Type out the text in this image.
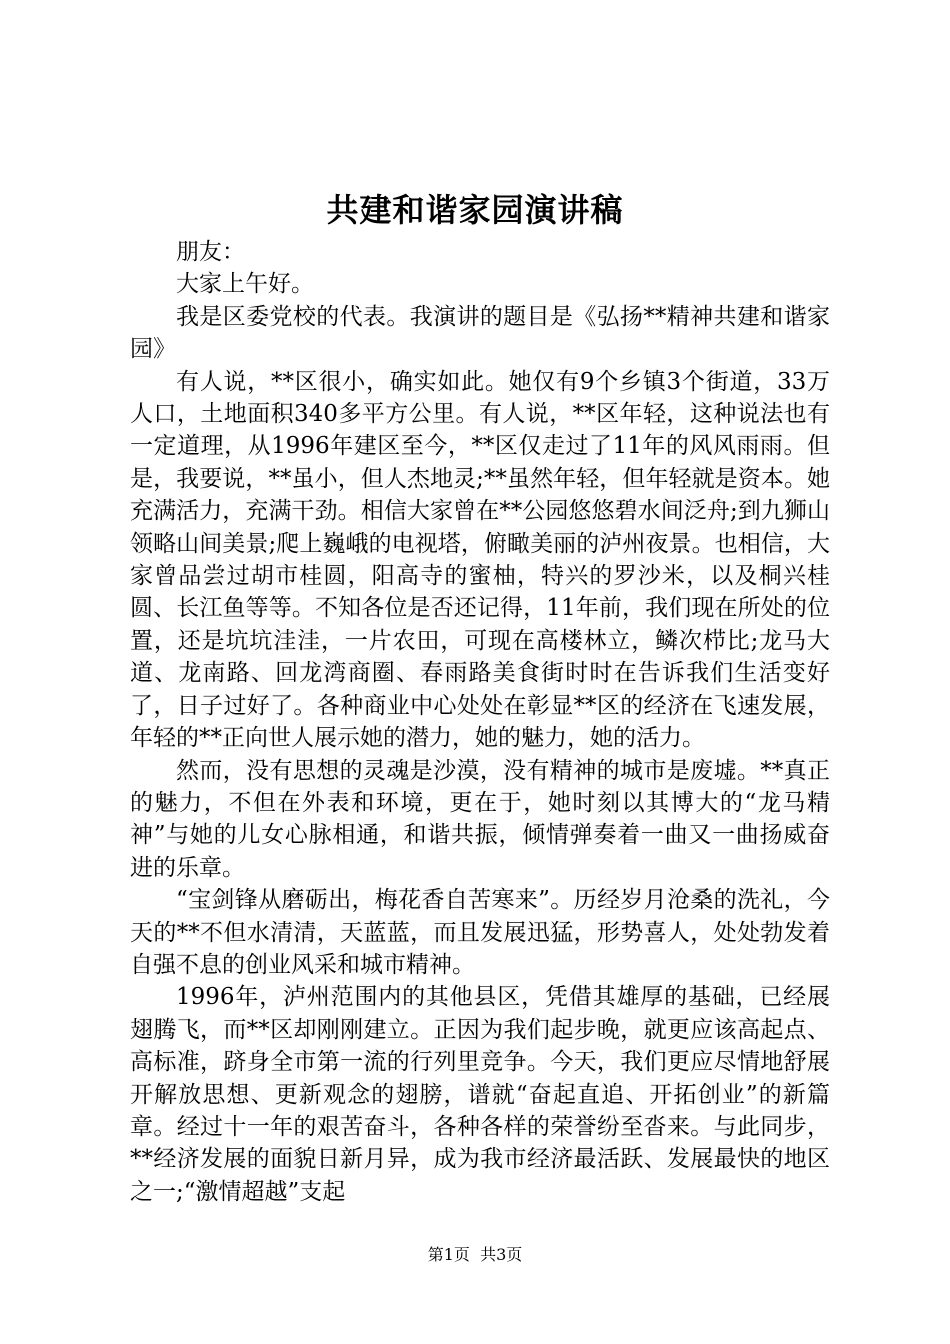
共建和谐家园演讲稿

朋友：

大家上午好。

我是区委党校的代表。我演讲的题目是《弘扬**精神共建和谐家园》

有人说，**区很小，确实如此。她仅有9个乡镇3个街道，33万人口，土地面积340多平方公里。有人说，**区年轻，这种说法也有一定道理，从1996年建区至今，**区仅走过了11年的风风雨雨。但是，我要说，**虽小，但人杰地灵;**虽然年轻，但年轻就是资本。她充满活力，充满干劲。相信大家曾在**公园悠悠碧水间泛舟;到九狮山领略山间美景;爬上巍峨的电视塔，俯瞰美丽的泸州夜景。也相信，大家曾品尝过胡市桂圆，阳高寺的蜜柚，特兴的罗沙米，以及桐兴桂圆、长江鱼等等。不知各位是否还记得，11年前，我们现在所处的位置，还是坑坑洼洼，一片农田，可现在高楼林立，鳞次栉比;龙马大道、龙南路、回龙湾商圈、春雨路美食街时时在告诉我们生活变好了，日子过好了。各种商业中心处处在彰显**区的经济在飞速发展，年轻的**正向世人展示她的潜力，她的魅力，她的活力。

然而，没有思想的灵魂是沙漠，没有精神的城市是废墟。**真正的魅力，不但在外表和环境，更在于，她时刻以其博大的“龙马精神”与她的儿女心脉相通，和谐共振，倾情弹奏着一曲又一曲扬威奋进的乐章。

“宝剑锋从磨砺出，梅花香自苦寒来”。历经岁月沧桑的洗礼，今天的**不但水清清，天蓝蓝，而且发展迅猛，形势喜人，处处勃发着自强不息的创业风采和城市精神。

1996年，泸州范围内的其他县区，凭借其雄厚的基础，已经展翅腾飞，而**区却刚刚建立。正因为我们起步晚，就更应该高起点、高标准，跻身全市第一流的行列里竞争。今天，我们更应尽情地舒展开解放思想、更新观念的翅膀，谱就“奋起直追、开拓创业”的新篇章。经过十一年的艰苦奋斗，各种各样的荣誉纷至沓来。与此同步，**经济发展的面貌日新月异，成为我市经济最活跃、发展最快的地区之一;“激情超越”支起

第1页  共3页
